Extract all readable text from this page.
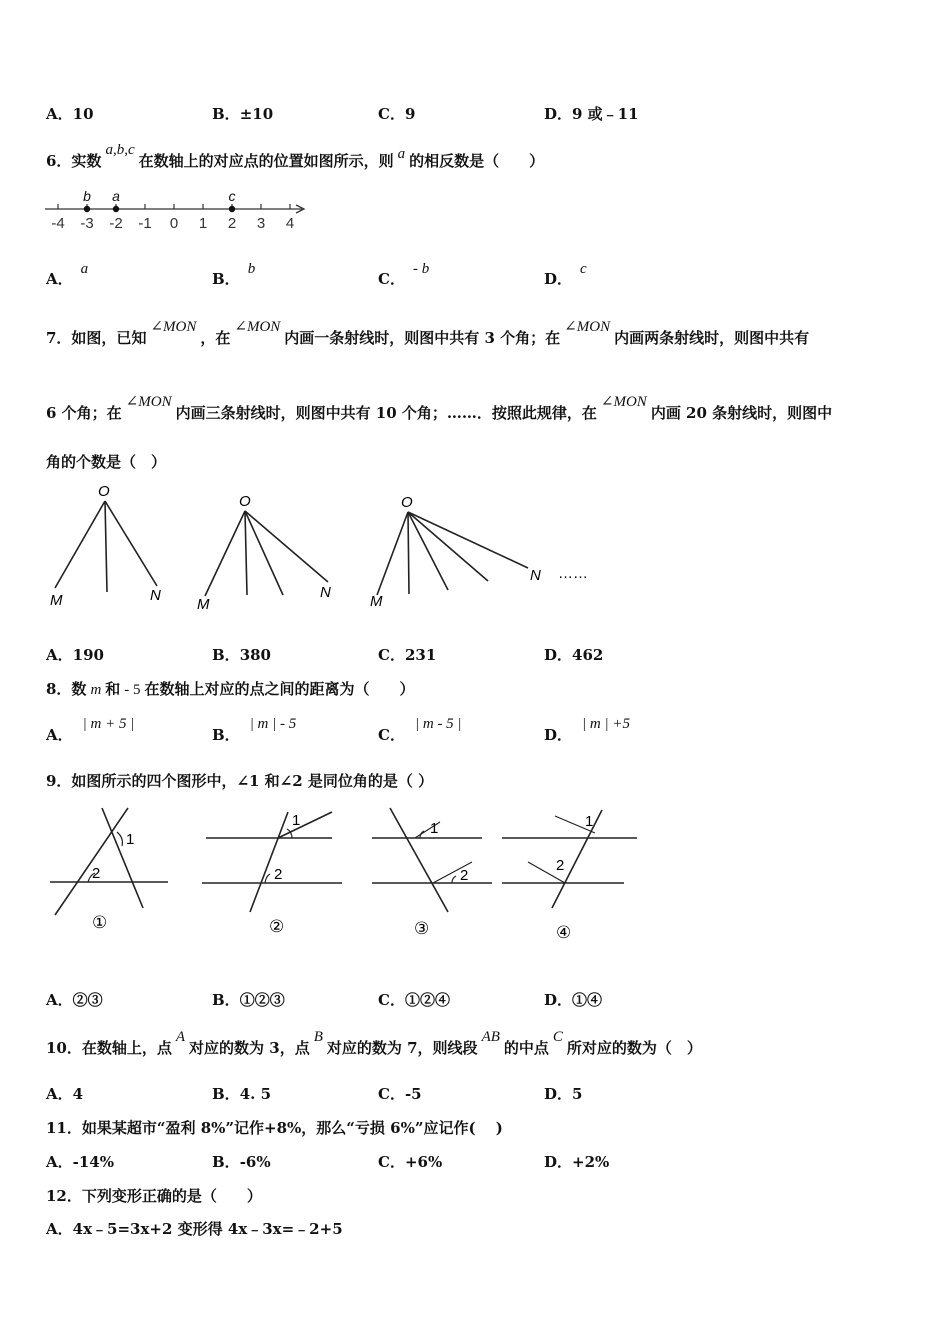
A．10	B．±10	C．9	D．9 或﹣11
6．实数a,b,c在数轴上的对应点的位置如图所示，则 a 的相反数是（　　）
-4 -3 -2 -1 0 1 2 3 4
b a	c
A．a
B．b
C．- b
D．c
7．如图，已知∠MON，在∠MON内画一条射线时，则图中共有 3 个角；在∠MON内画两条射线时，则图中共有
6 个角；在∠MON内画三条射线时，则图中共有 10 个角；……．按照此规律，在∠MON内画 20 条射线时，则图中
角的个数是（　）
O
M	N
O
M
N
O
M
N ……
A．190	B．380	C．231	D．462
8．数 m 和 - 5 在数轴上对应的点之间的距离为（　　）
A．| m + 5 |
B．| m | - 5
C．| m - 5 |
D．| m | +5
9．如图所示的四个图形中，∠1 和∠2 是同位角的是（ ）
1
2
①
1
2
②
1
2
③
1
2
④
A．②③	B．①②③	C．①②④	D．①④
10．在数轴上，点A对应的数为 3，点B对应的数为 7，则线段AB的中点C所对应的数为（　）
A．4	B．4. 5	C．-5	D．5
11．如果某超市“盈利 8%”记作+8%，那么“亏损 6%”应记作(　 )
A．-14%	B．-6%	C．+6%	D．+2%
12．下列变形正确的是（　　）
A．4x﹣5=3x+2 变形得 4x﹣3x=﹣2+5
